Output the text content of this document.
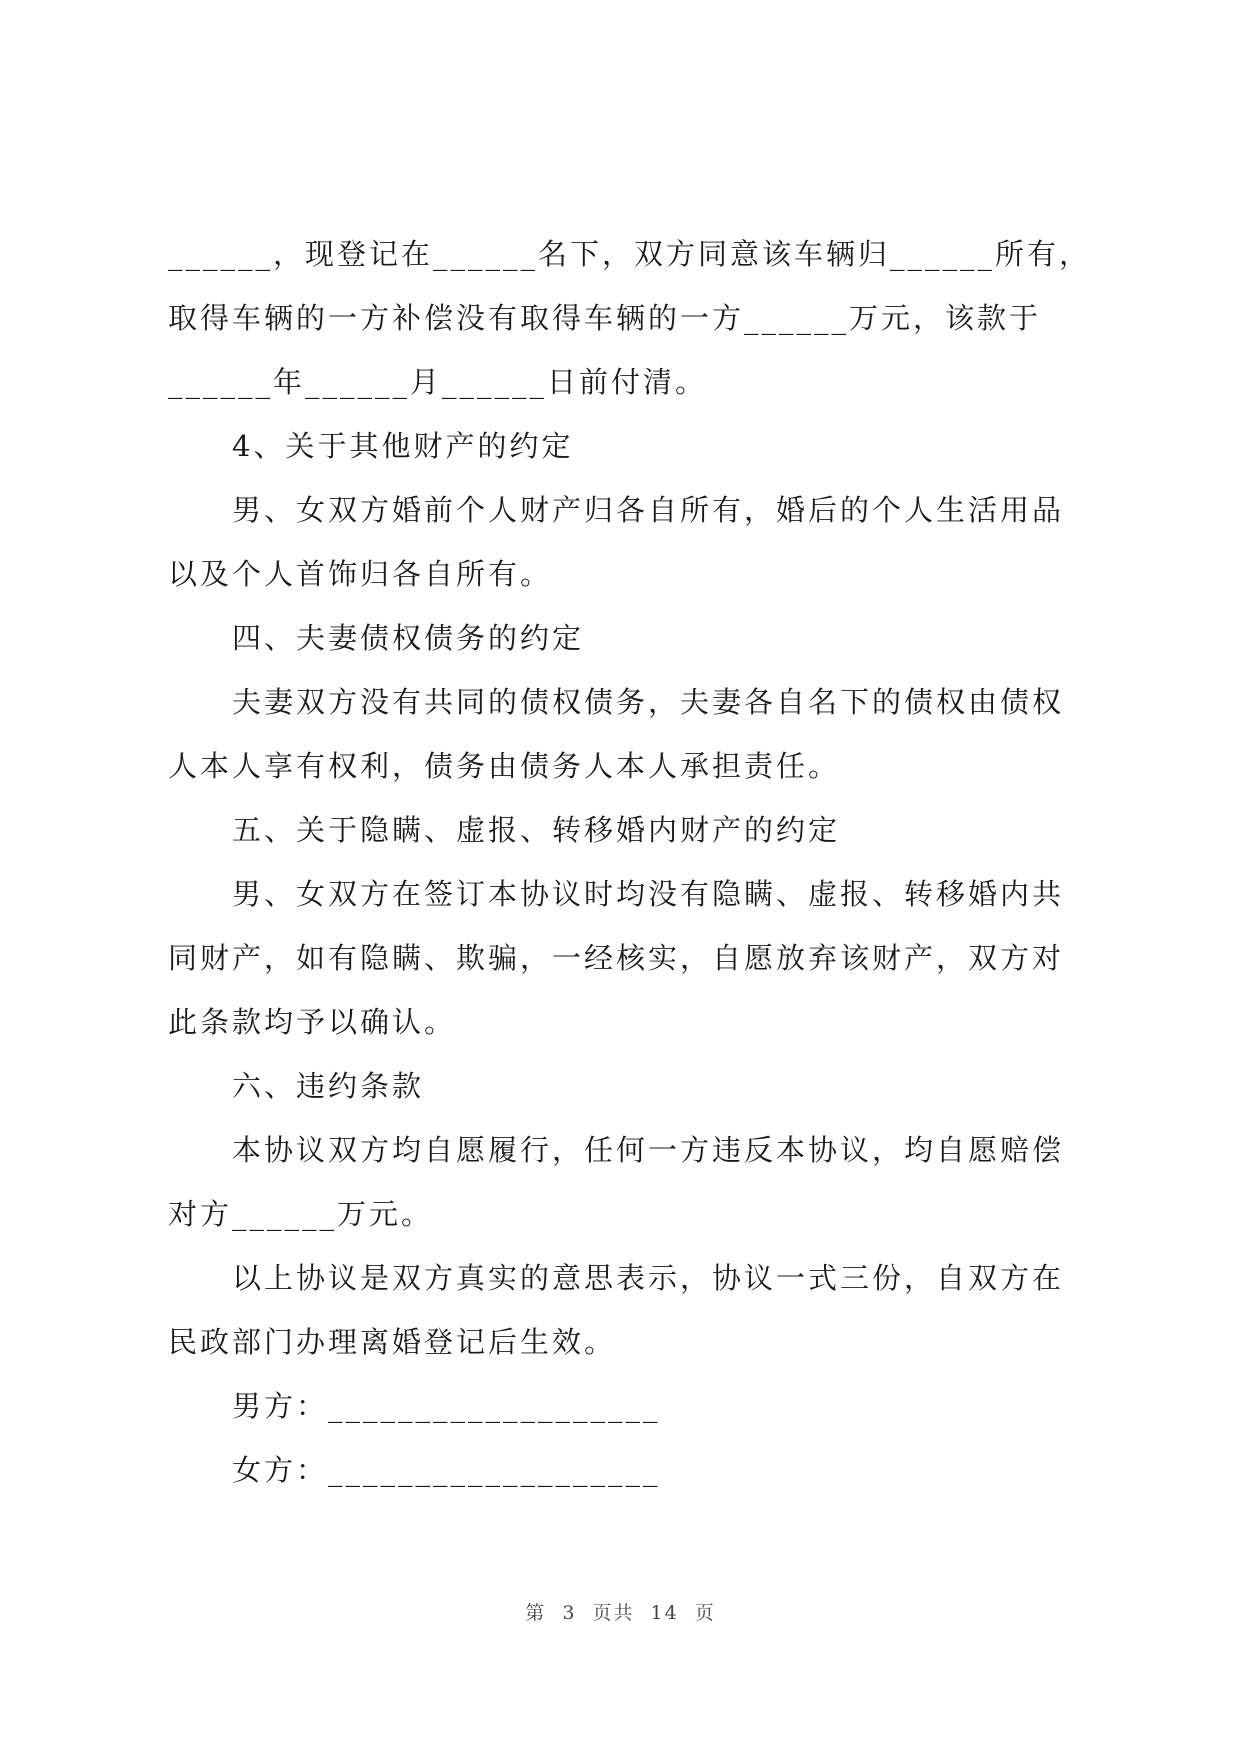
______，现登记在______名下，双方同意该车辆归______所有，
取得车辆的一方补偿没有取得车辆的一方______万元，该款于
______年______月______日前付清。
4、关于其他财产的约定
男、女双方婚前个人财产归各自所有，婚后的个人生活用品
以及个人首饰归各自所有。
四、夫妻债权债务的约定
夫妻双方没有共同的债权债务，夫妻各自名下的债权由债权
人本人享有权利，债务由债务人本人承担责任。
五、关于隐瞒、虚报、转移婚内财产的约定
男、女双方在签订本协议时均没有隐瞒、虚报、转移婚内共
同财产，如有隐瞒、欺骗，一经核实，自愿放弃该财产，双方对
此条款均予以确认。
六、违约条款
本协议双方均自愿履行，任何一方违反本协议，均自愿赔偿
对方______万元。
以上协议是双方真实的意思表示，协议一式三份，自双方在
民政部门办理离婚登记后生效。
男方：___________________
女方：___________________
第 3 页共 14 页
